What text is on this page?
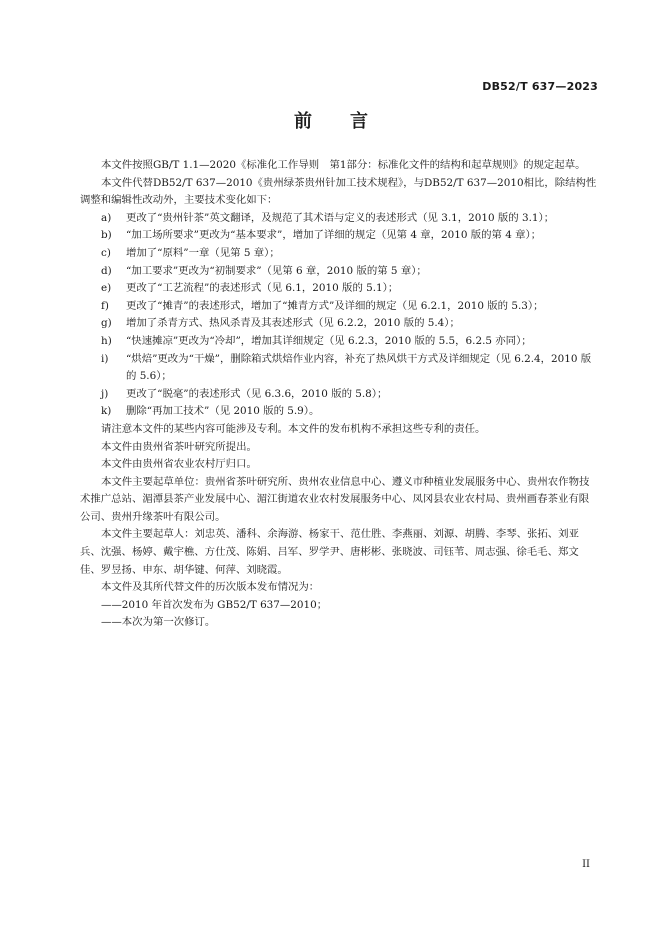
DB52/T 637—2023
前 言

本文件按照GB/T 1.1—2020《标准化工作导则　第1部分：标准化文件的结构和起草规则》的规定起草。

本文件代替DB52/T 637—2010《贵州绿茶贵州针加工技术规程》，与DB52/T 637—2010相比，除结构性调整和编辑性改动外，主要技术变化如下：

a)	更改了“贵州针茶”英文翻译，及规范了其术语与定义的表述形式（见 3.1，2010 版的 3.1）；
b)	“加工场所要求”更改为“基本要求”，增加了详细的规定（见第 4 章，2010 版的第 4 章）；
c)	增加了“原料”一章（见第 5 章）；
d)	“加工要求”更改为“初制要求”（见第 6 章，2010 版的第 5 章）；
e)	更改了“工艺流程”的表述形式（见 6.1，2010 版的 5.1）；
f)	更改了“摊青”的表述形式，增加了“摊青方式”及详细的规定（见 6.2.1，2010 版的 5.3）；
g)	增加了杀青方式、热风杀青及其表述形式（见 6.2.2，2010 版的 5.4）；
h)	“快速摊凉”更改为“冷却”，增加其详细规定（见 6.2.3，2010 版的 5.5，6.2.5 亦同）；
i)	“烘焙”更改为“干燥”，删除箱式烘焙作业内容，补充了热风烘干方式及详细规定（见 6.2.4，2010 版的 5.6）；
j)	更改了“脱毫”的表述形式（见 6.3.6，2010 版的 5.8）；
k)	删除“再加工技术”（见 2010 版的 5.9）。

请注意本文件的某些内容可能涉及专利。本文件的发布机构不承担这些专利的责任。

本文件由贵州省茶叶研究所提出。

本文件由贵州省农业农村厅归口。

本文件主要起草单位：贵州省茶叶研究所、贵州农业信息中心、遵义市种植业发展服务中心、贵州农作物技术推广总站、湄潭县茶产业发展中心、湄江街道农业农村发展服务中心、凤冈县农业农村局、贵州画春茶业有限公司、贵州升缘茶叶有限公司。

本文件主要起草人：刘忠英、潘科、余海游、杨家干、范仕胜、李燕丽、刘源、胡腾、李琴、张拓、刘亚兵、沈强、杨婷、戴宇樵、方仕茂、陈娟、吕军、罗学尹、唐彬彬、张晓波、司钰苇、周志强、徐毛毛、郑文佳、罗昱扬、申东、胡华键、何萍、刘晓霞。

本文件及其所代替文件的历次版本发布情况为：

——2010 年首次发布为 GB52/T 637—2010；

——本次为第一次修订。

II
